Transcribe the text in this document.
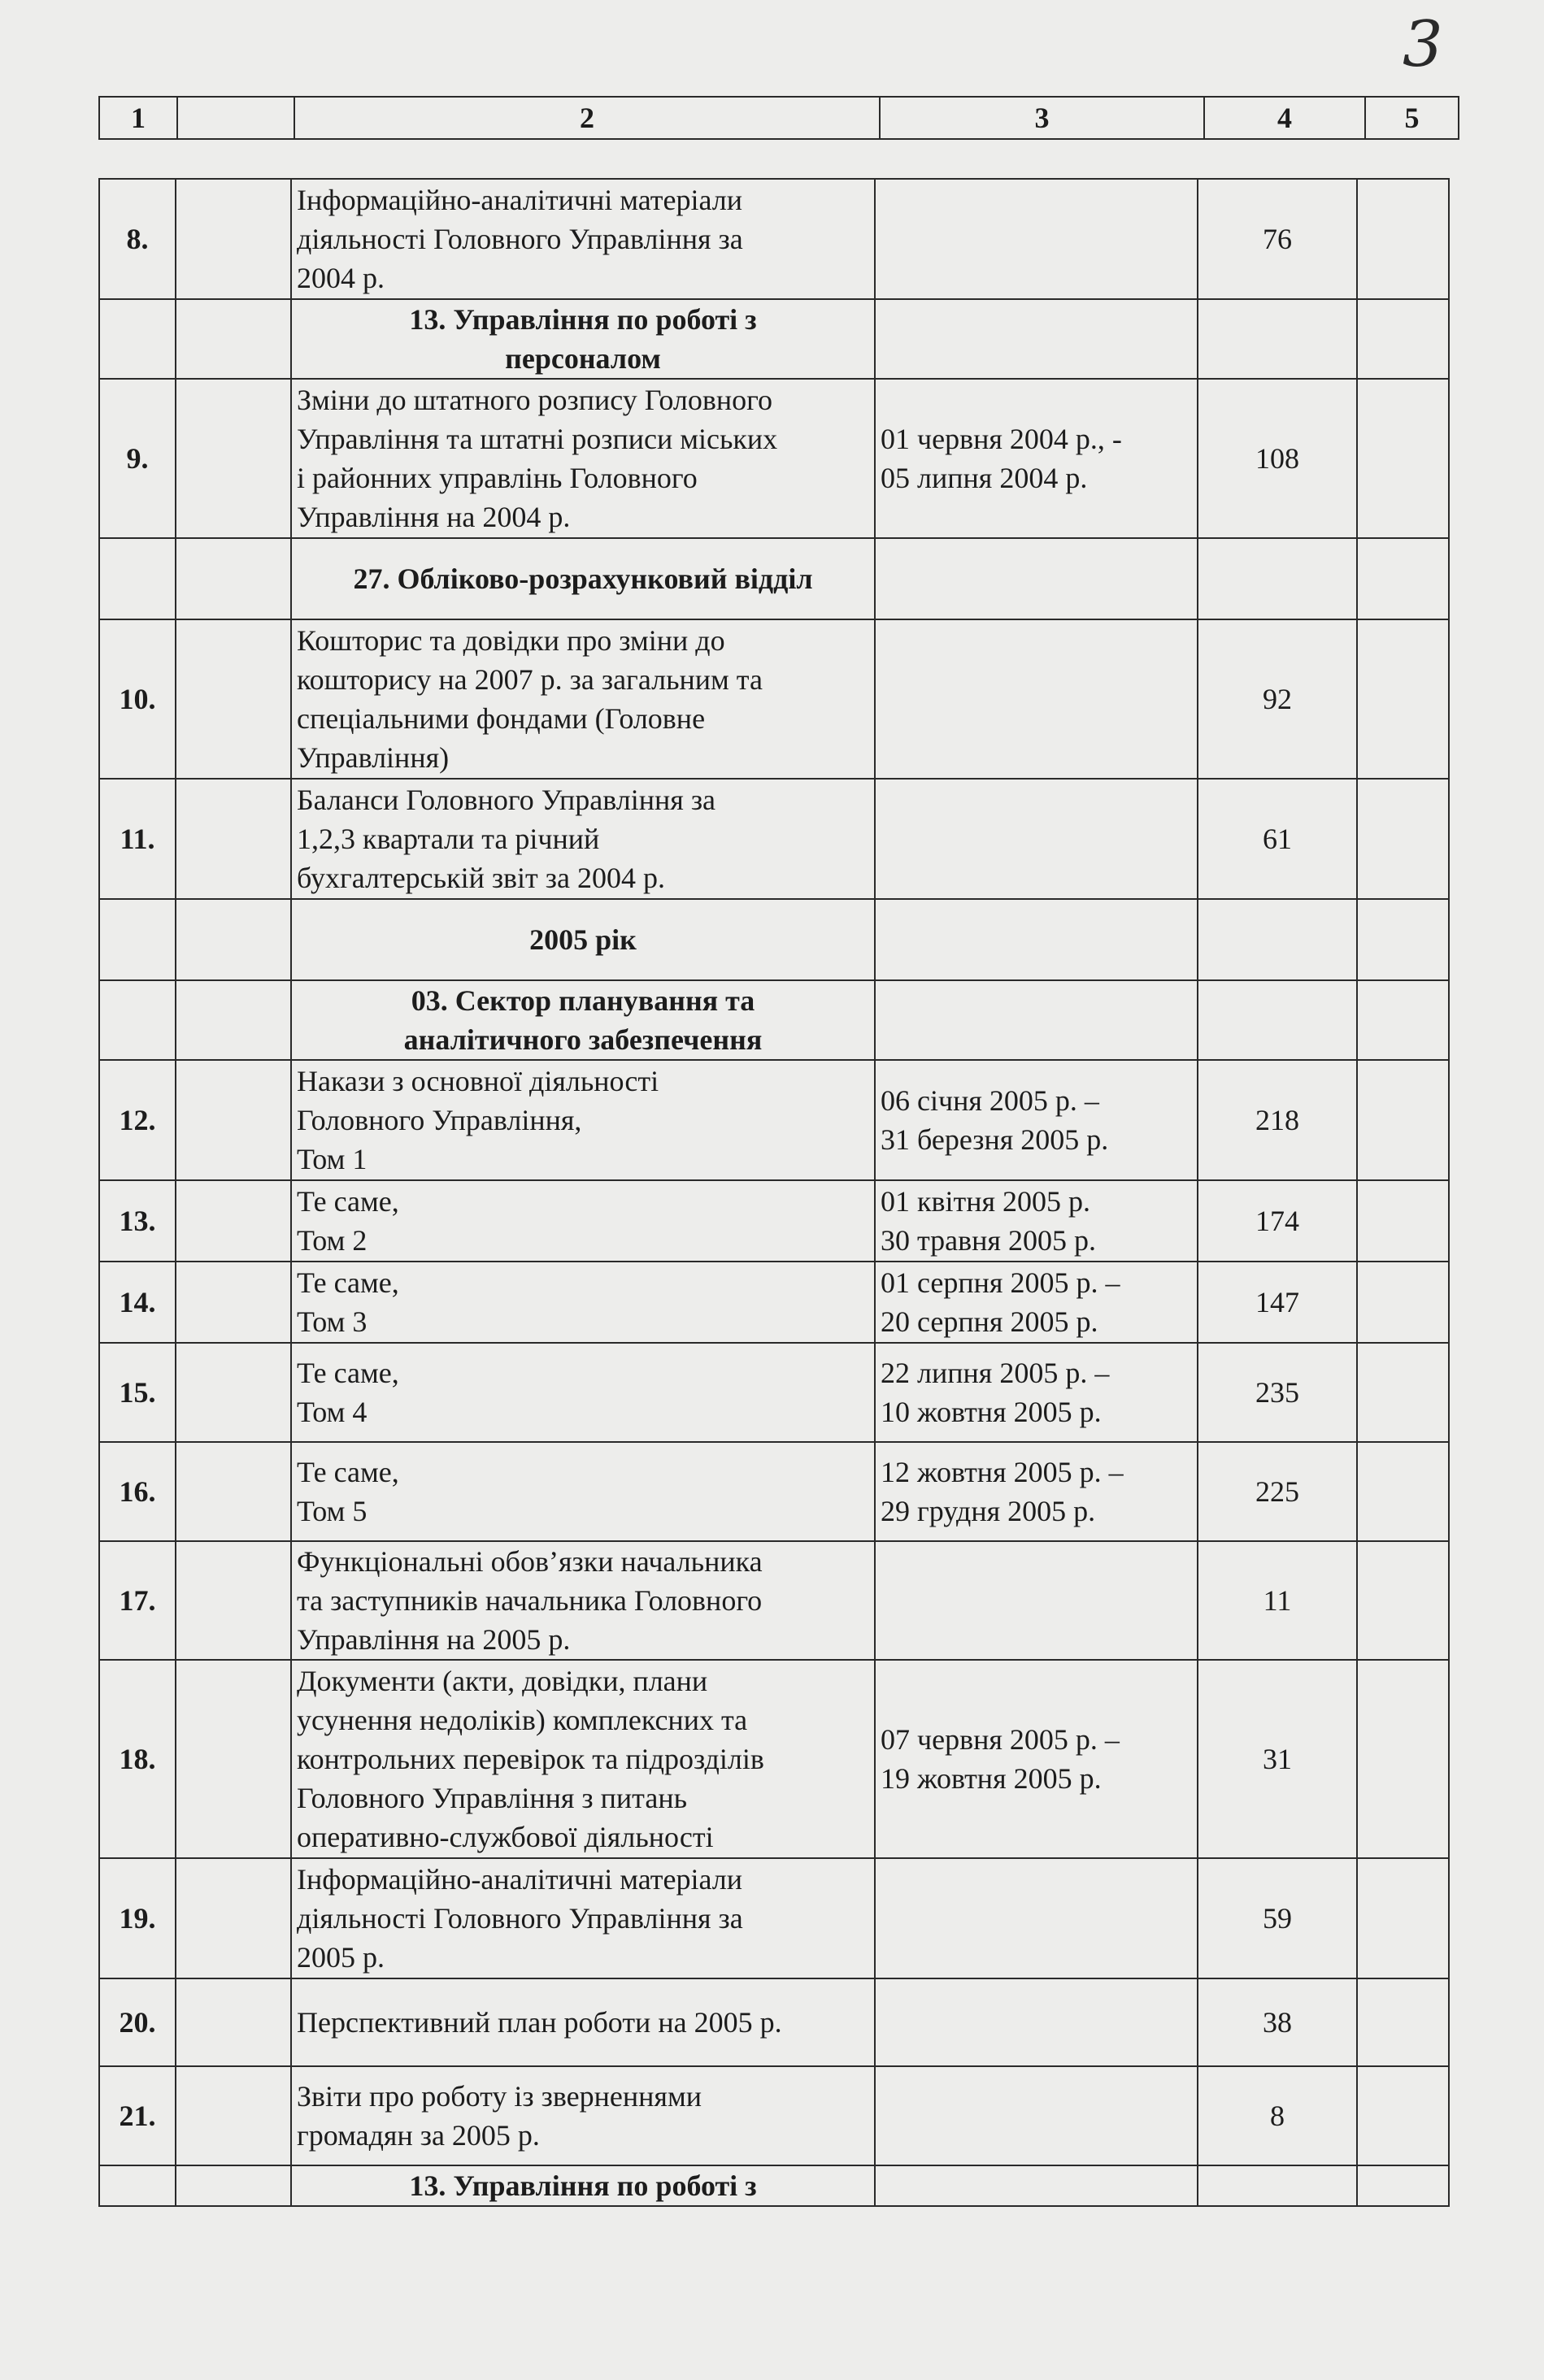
3
1		2	3	4	5
8.		Інформаційно-аналітичні матеріали
діяльності Головного Управління за
2004 р.		76	

		13. Управління по роботі з
персоналом			

9.		Зміни до штатного розпису Головного
Управління та штатні розписи міських
і районних управлінь Головного
Управління на 2004 р.	01 червня 2004 р., -
05 липня 2004 р.	108	

		27. Обліково-розрахунковий відділ			

10.		Кошторис та довідки про зміни до
кошторису на 2007 р. за загальним та
спеціальними фондами (Головне
Управління)		92	
11.		Баланси Головного Управління за
1,2,3 квартали та річний
бухгалтерській звіт за 2004 р.		61	

		2005 рік			

		03. Сектор планування та
аналітичного забезпечення			

12.		Накази з основної діяльності
Головного Управління,
Том 1	06 січня 2005 р. –
31 березня 2005 р.	218	
13.		Те саме,
Том 2	01 квітня 2005 р.
30 травня 2005 р.	174	
14.		Те саме,
Том 3	01 серпня 2005 р. –
20 серпня 2005 р.	147	
15.		Те саме,
Том 4	22 липня 2005 р. –
10 жовтня 2005 р.	235	
16.		Те саме,
Том 5	12 жовтня 2005 р. –
29 грудня 2005 р.	225	
17.		Функціональні обов’язки начальника
та заступників начальника Головного
Управління на 2005 р.		11	
18.		Документи (акти, довідки, плани
усунення недоліків) комплексних та
контрольних перевірок та підрозділів
Головного Управління з питань
оперативно-службової діяльності	07 червня 2005 р. –
19 жовтня 2005 р.	31	
19.		Інформаційно-аналітичні матеріали
діяльності Головного Управління за
2005 р.		59	
20.		Перспективний план роботи на 2005 р.		38	
21.		Звіти про роботу із зверненнями
громадян за 2005 р.		8	

		13. Управління по роботі з			
